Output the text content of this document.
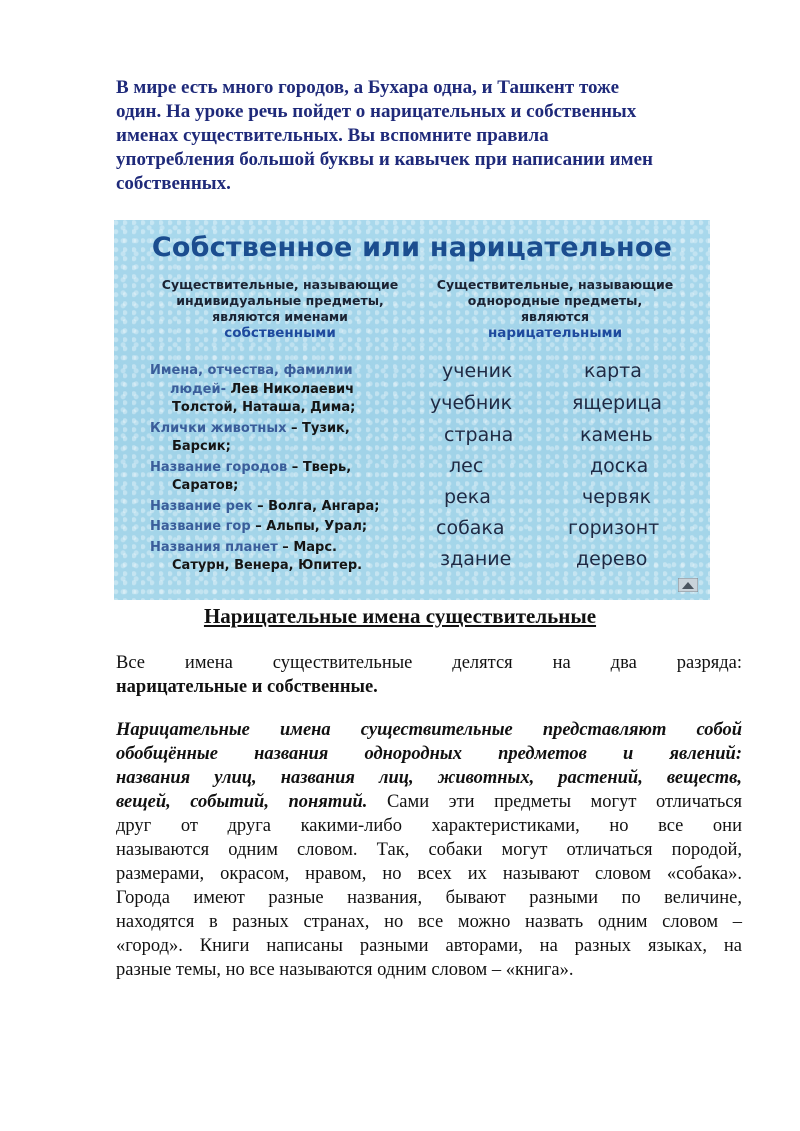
В мире есть много городов, а Бухара одна, и Ташкент тоже
один. На уроке речь пойдет о нарицательных и собственных
именах существительных. Вы вспомните правила
употребления большой буквы и кавычек при написании имен
собственных.
Собственное или нарицательное
Существительные, называющие
индивидуальные предметы,
являются именами
собственными
Существительные, называющие
однородные предметы,
являются
нарицательными
Имена, отчества, фамилии

людей- Лев Николаевич
Толстой, Наташа, Дима;
Клички животных – Тузик,
Барсик;
Название городов – Тверь,
Саратов;
Название рек – Волга, Ангара;
Название гор – Альпы, Урал;
Названия планет – Марс.
Сатурн, Венера, Юпитер.
ученик
учебник
страна
лес
река
собака
здание
карта
ящерица
камень
доска
червяк
горизонт
дерево
Нарицательные имена существительные
Все имена существительные делятся на два разряда:
нарицательные и собственные.
Нарицательные имена существительные представляют собой
обобщённые названия однородных предметов и явлений:
названия улиц, названия лиц, животных, растений, веществ,
вещей, событий, понятий. Сами эти предметы могут отличаться
друг от друга какими-либо характеристиками, но все они
называются одним словом. Так, собаки могут отличаться породой,
размерами, окрасом, нравом, но всех их называют словом «собака».
Города имеют разные названия, бывают разными по величине,
находятся в разных странах, но все можно назвать одним словом –
«город». Книги написаны разными авторами, на разных языках, на
разные темы, но все называются одним словом – «книга».
